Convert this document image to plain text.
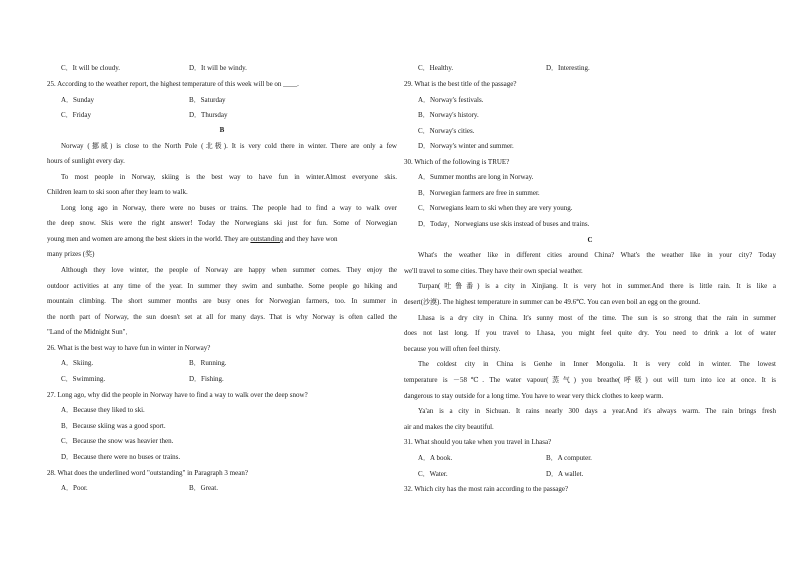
C．It will be cloudy.	D．It will be windy.
25. According to the weather report, the highest temperature of this week will be on ____.
A．Sunday	B．Saturday
C．Friday	D．Thursday
B
Norway (挪威) is close to the North Pole (北极). It is very cold there in winter. There are only a few
hours of sunlight every day.
To most people in Norway, skiing is the best way to have fun in winter.Almost everyone skis.
Children learn to ski soon after they learn to walk.
Long long ago in Norway, there were no buses or trains. The people had to find a way to walk over
the deep snow. Skis were the right answer! Today the Norwegians ski just for fun. Some of Norwegian
young men and women are among the best skiers in the world. They are outstanding and they have won
many prizes (奖)
Although they love winter, the people of Norway are happy when summer comes. They enjoy the
outdoor activities at any time of the year. In summer they swim and sunbathe. Some people go hiking and
mountain climbing. The short summer months are busy ones for Norwegian farmers, too. In summer in
the north part of Norway, the sun doesn't set at all for many days. That is why Norway is often called the
"Land of the Midnight Sun"．
26. What is the best way to have fun in winter in Norway?
A．Skiing.	B．Running.
C．Swimming.	D．Fishing.
27. Long ago, why did the people in Norway have to find a way to walk over the deep snow?
A．Because they liked to ski.
B．Because skiing was a good sport.
C．Because the snow was heavier then.
D．Because there were no buses or trains.
28. What does the underlined word "outstanding" in Paragraph 3 mean?
A．Poor.	B．Great.
C．Healthy.	D．Interesting.
29. What is the best title of the passage?
A．Norway's festivals.
B．Norway's history.
C．Norway's cities.
D．Norway's winter and summer.
30. Which of the following is TRUE?
A．Summer months are long in Norway.
B．Norwegian farmers are free in summer.
C．Norwegians learn to ski when they are very young.
D．Today，Norwegians use skis instead of buses and trains.
C
What's the weather like in different cities around China? What's the weather like in your city? Today
we'll travel to some cities. They have their own special weather.
Turpan(吐鲁番) is a city in Xinjiang. It is very hot in summer.And there is little rain. It is like a
desert(沙漠). The highest temperature in summer can be 49.6℃. You can even boil an egg on the ground.
Lhasa is a dry city in China. It's sunny most of the time. The sun is so strong that the rain in summer
does not last long. If you travel to Lhasa, you might feel quite dry. You need to drink a lot of water
because you will often feel thirsty.
The coldest city in China is Genhe in Inner Mongolia. It is very cold in winter. The lowest
temperature is －58℃. The water vapour(蒸气) you breathe(呼吸) out will turn into ice at once. It is
dangerous to stay outside for a long time. You have to wear very thick clothes to keep warm.
Ya'an is a city in Sichuan. It rains nearly 300 days a year.And it's always warm. The rain brings fresh
air and makes the city beautiful.
31. What should you take when you travel in Lhasa?
A．A book.	B．A computer.
C．Water.	D．A wallet.
32. Which city has the most rain according to the passage?
